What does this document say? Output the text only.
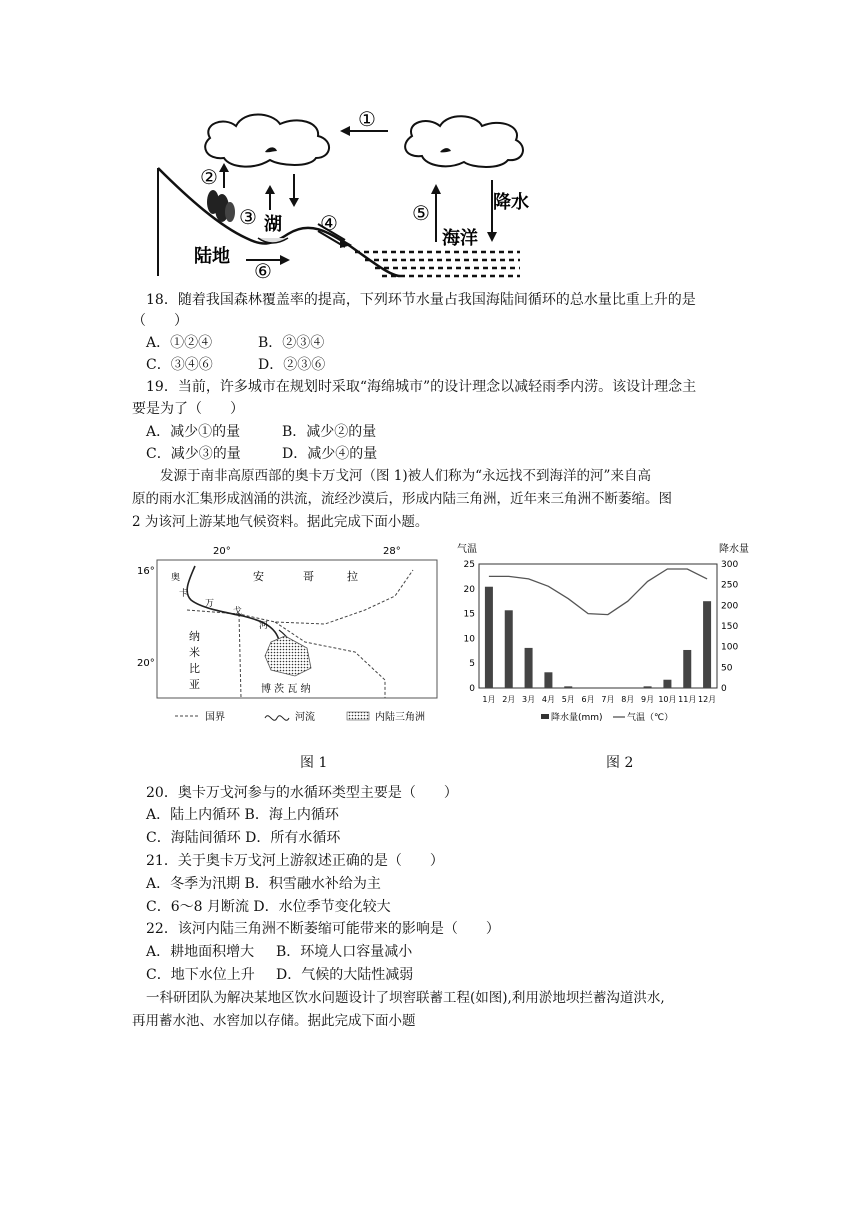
①
②
③ 湖 ④
陆地
⑥
⑤	降水
海洋
18．随着我国森林覆盖率的提高，下列环节水量占我国海陆间循环的总水量比重上升的是
（　　）
A．①②④	B．②③④
C．③④⑥	D．②③⑥
19．当前，许多城市在规划时采取“海绵城市”的设计理念以减轻雨季内涝。该设计理念主
要是为了（　　）
A．减少①的量	B．减少②的量
C．减少③的量	D．减少④的量
发源于南非高原西部的奥卡万戈河（图 1)被人们称为“永远找不到海洋的河”来自高
原的雨水汇集形成汹涌的洪流，流经沙漠后，形成内陆三角洲，近年来三角洲不断萎缩。图
2 为该河上游某地气候资料。据此完成下面小题。
20°	28°
16°
20°
安	哥	拉
纳
米
比
亚	博 茨 瓦 纳
奥
卡
万
戈
河
国界	河流	内陆三角洲
图 1
气温	降水量
0
5
10
15
20
25
0
50
100
150
200
250
300
1月 2月 3月 4月 5月 6月 7月 8月 9月 10月 11月 12月
降水量(mm)	气温（℃）
图 2
20．奥卡万戈河参与的水循环类型主要是（　　）
A．陆上内循环 B．海上内循环
C．海陆间循环 D．所有水循环
21．关于奥卡万戈河上游叙述正确的是（　　）
A．冬季为汛期 B．积雪融水补给为主
C．6～8 月断流 D．水位季节变化较大
22．该河内陆三角洲不断萎缩可能带来的影响是（　　）
A．耕地面积增大 B．环境人口容量减小
C．地下水位上升 D．气候的大陆性减弱
一科研团队为解决某地区饮水问题设计了坝窖联蓄工程(如图),利用淤地坝拦蓄沟道洪水,
再用蓄水池、水窖加以存储。据此完成下面小题
